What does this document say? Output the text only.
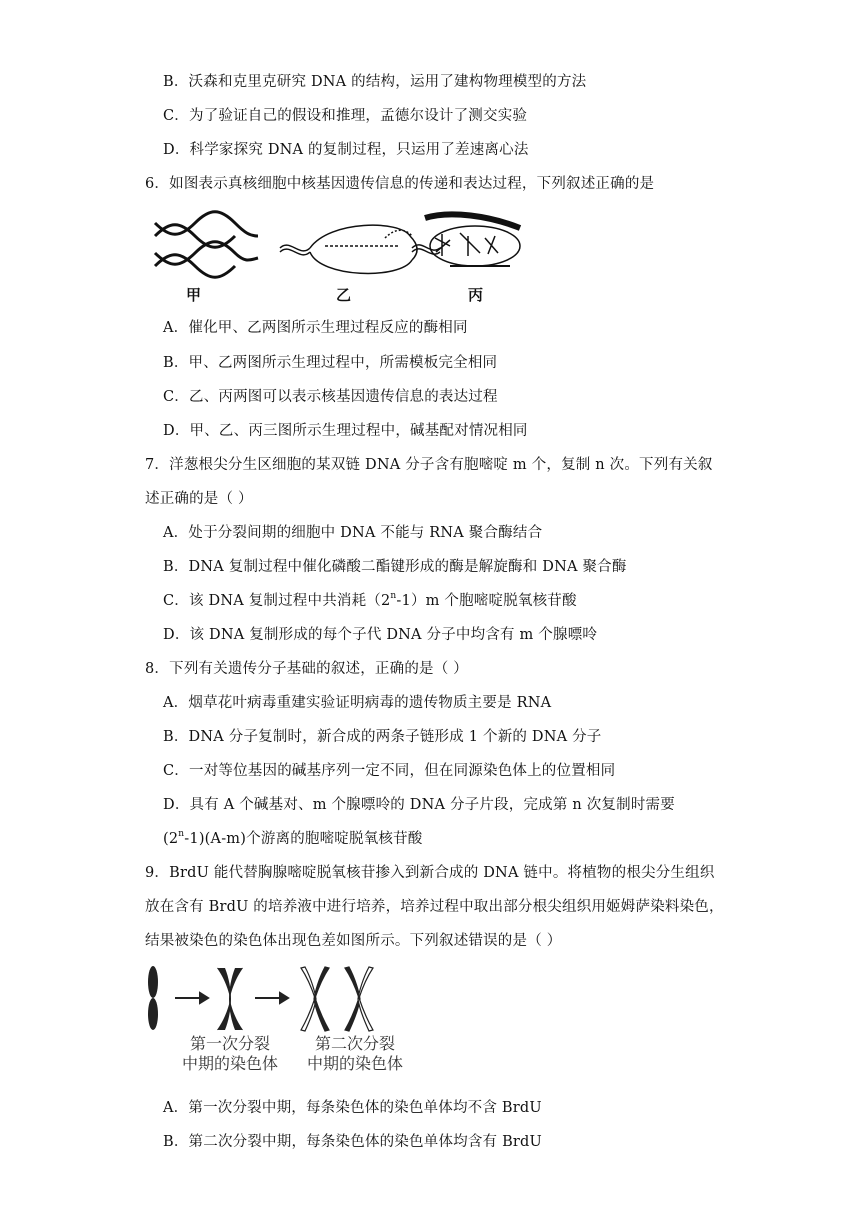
B．沃森和克里克研究 DNA 的结构，运用了建构物理模型的方法
C．为了验证自己的假设和推理，孟德尔设计了测交实验
D．科学家探究 DNA 的复制过程，只运用了差速离心法
6．如图表示真核细胞中核基因遗传信息的传递和表达过程，下列叙述正确的是
甲	乙	丙
A．催化甲、乙两图所示生理过程反应的酶相同
B．甲、乙两图所示生理过程中，所需模板完全相同
C．乙、丙两图可以表示核基因遗传信息的表达过程
D．甲、乙、丙三图所示生理过程中，碱基配对情况相同
7．洋葱根尖分生区细胞的某双链 DNA 分子含有胞嘧啶 m 个，复制 n 次。下列有关叙
述正确的是（ ）
A．处于分裂间期的细胞中 DNA 不能与 RNA 聚合酶结合
B．DNA 复制过程中催化磷酸二酯键形成的酶是解旋酶和 DNA 聚合酶
C．该 DNA 复制过程中共消耗（2$^n$-1）m 个胞嘧啶脱氧核苷酸
D．该 DNA 复制形成的每个子代 DNA 分子中均含有 m 个腺嘌呤
8．下列有关遗传分子基础的叙述，正确的是（ ）
A．烟草花叶病毒重建实验证明病毒的遗传物质主要是 RNA
B．DNA 分子复制时，新合成的两条子链形成 1 个新的 DNA 分子
C．一对等位基因的碱基序列一定不同，但在同源染色体上的位置相同
D．具有 A 个碱基对、m 个腺嘌呤的 DNA 分子片段，完成第 n 次复制时需要
(2$^n$-1)(A-m)个游离的胞嘧啶脱氧核苷酸
9．BrdU 能代替胸腺嘧啶脱氧核苷掺入到新合成的 DNA 链中。将植物的根尖分生组织
放在含有 BrdU 的培养液中进行培养，培养过程中取出部分根尖组织用姬姆萨染料染色，
结果被染色的染色体出现色差如图所示。下列叙述错误的是（ ）
第一次分裂
中期的染色体
第二次分裂
中期的染色体
A．第一次分裂中期，每条染色体的染色单体均不含 BrdU
B．第二次分裂中期，每条染色体的染色单体均含有 BrdU
